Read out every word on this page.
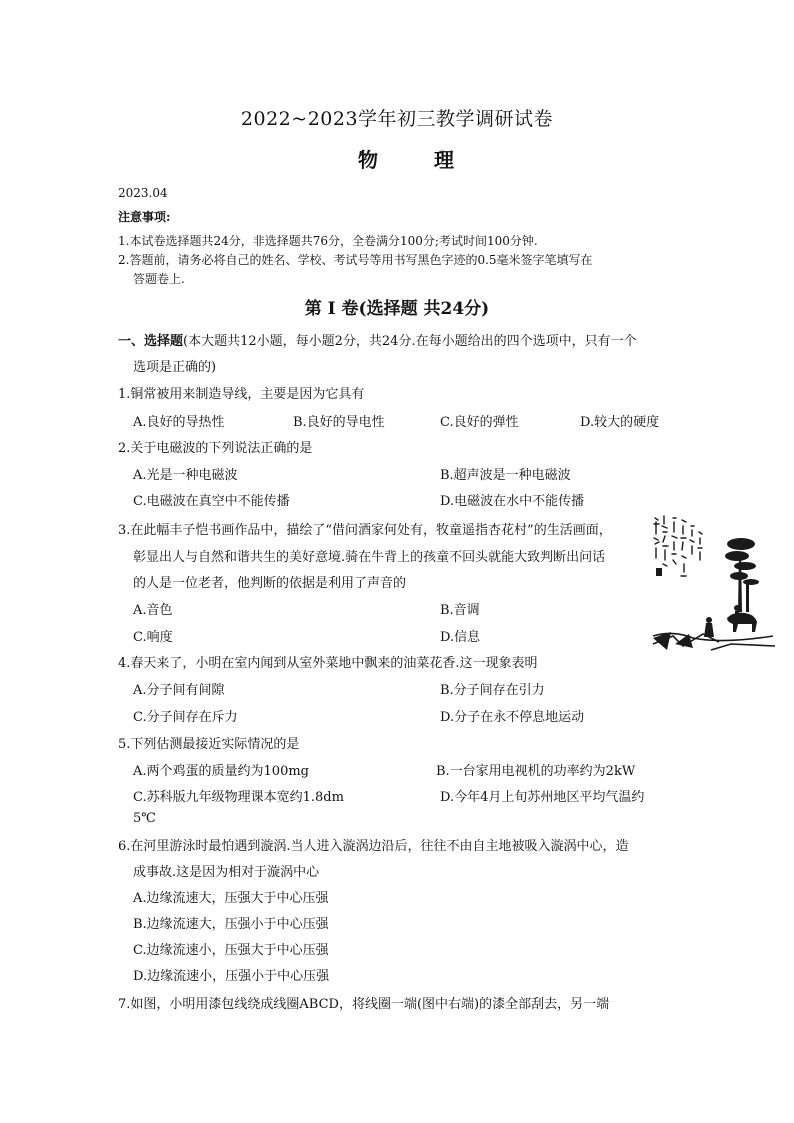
2022~2023学年初三教学调研试卷
物　理
2023.04
注意事项:
1.本试卷选择题共24分，非选择题共76分，全卷满分100分;考试时间100分钟.
2.答题前，请务必将自己的姓名、学校、考试号等用书写黑色字迹的0.5毫米签字笔填写在
答题卷上.
第 I 卷(选择题 共24分)
一、选择题(本大题共12小题，每小题2分，共24分.在每小题给出的四个选项中，只有一个
选项是正确的)
1.铜常被用来制造导线，主要是因为它具有
A.良好的导热性	B.良好的导电性	C.良好的弹性	D.较大的硬度
2.关于电磁波的下列说法正确的是
A.光是一种电磁波	B.超声波是一种电磁波
C.电磁波在真空中不能传播	D.电磁波在水中不能传播
3.在此幅丰子恺书画作品中，描绘了“借问酒家何处有，牧童遥指杏花村”的生活画面，
彰显出人与自然和谐共生的美好意境.骑在牛背上的孩童不回头就能大致判断出问话
的人是一位老者，他判断的依据是利用了声音的
A.音色	B.音调
C.响度	D.信息
4.春天来了，小明在室内闻到从室外菜地中飘来的油菜花香.这一现象表明
A.分子间有间隙	B.分子间存在引力
C.分子间存在斥力	D.分子在永不停息地运动
5.下列估测最接近实际情况的是
A.两个鸡蛋的质量约为100mg	B.一台家用电视机的功率约为2kW
C.苏科版九年级物理课本宽约1.8dm	D.今年4月上旬苏州地区平均气温约
5℃
6.在河里游泳时最怕遇到漩涡.当人进入漩涡边沿后，往往不由自主地被吸入漩涡中心，造
成事故.这是因为相对于漩涡中心
A.边缘流速大，压强大于中心压强
B.边缘流速大，压强小于中心压强
C.边缘流速小，压强大于中心压强
D.边缘流速小，压强小于中心压强
7.如图，小明用漆包线绕成线圈ABCD，将线圈一端(图中右端)的漆全部刮去，另一端
